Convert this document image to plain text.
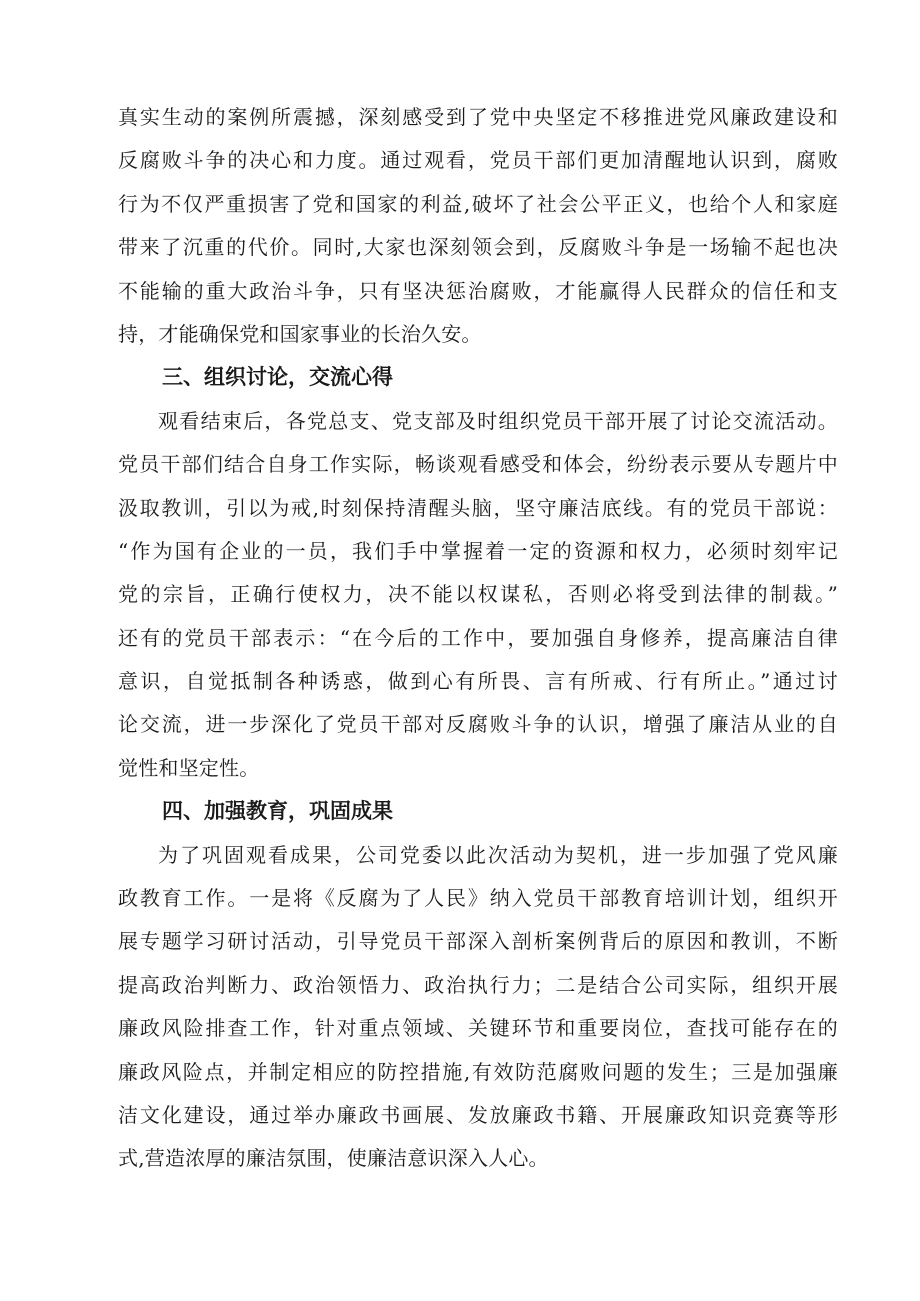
真实生动的案例所震撼，深刻感受到了党中央坚定不移推进党风廉政建设和
反腐败斗争的决心和力度。通过观看，党员干部们更加清醒地认识到，腐败
行为不仅严重损害了党和国家的利益,破坏了社会公平正义，也给个人和家庭
带来了沉重的代价。同时,大家也深刻领会到，反腐败斗争是一场输不起也决
不能输的重大政治斗争，只有坚决惩治腐败，才能赢得人民群众的信任和支
持，才能确保党和国家事业的长治久安。
三、组织讨论，交流心得
观看结束后，各党总支、党支部及时组织党员干部开展了讨论交流活动。
党员干部们结合自身工作实际，畅谈观看感受和体会，纷纷表示要从专题片中
汲取教训，引以为戒,时刻保持清醒头脑，坚守廉洁底线。有的党员干部说：
“作为国有企业的一员，我们手中掌握着一定的资源和权力，必须时刻牢记
党的宗旨，正确行使权力，决不能以权谋私，否则必将受到法律的制裁。”
还有的党员干部表示：“在今后的工作中，要加强自身修养，提高廉洁自律
意识，自觉抵制各种诱惑，做到心有所畏、言有所戒、行有所止。”通过讨
论交流，进一步深化了党员干部对反腐败斗争的认识，增强了廉洁从业的自
觉性和坚定性。
四、加强教育，巩固成果
为了巩固观看成果，公司党委以此次活动为契机，进一步加强了党风廉
政教育工作。一是将《反腐为了人民》纳入党员干部教育培训计划，组织开
展专题学习研讨活动，引导党员干部深入剖析案例背后的原因和教训，不断
提高政治判断力、政治领悟力、政治执行力；二是结合公司实际，组织开展
廉政风险排查工作，针对重点领域、关键环节和重要岗位，查找可能存在的
廉政风险点，并制定相应的防控措施,有效防范腐败问题的发生；三是加强廉
洁文化建设，通过举办廉政书画展、发放廉政书籍、开展廉政知识竞赛等形
式,营造浓厚的廉洁氛围，使廉洁意识深入人心。
